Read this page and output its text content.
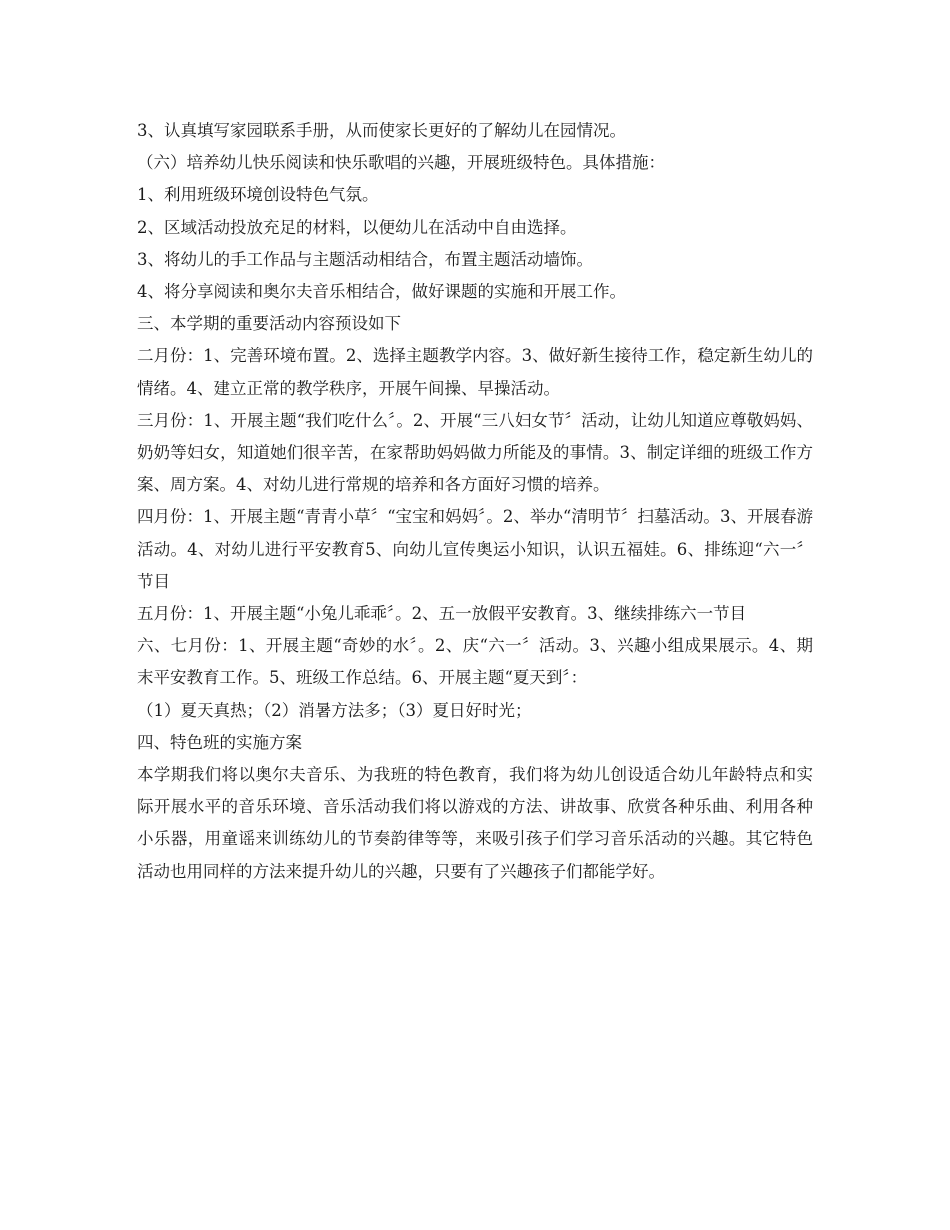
3、认真填写家园联系手册，从而使家长更好的了解幼儿在园情况。

（六）培养幼儿快乐阅读和快乐歌唱的兴趣，开展班级特色。具体措施：

1、利用班级环境创设特色气氛。

2、区域活动投放充足的材料，以便幼儿在活动中自由选择。

3、将幼儿的手工作品与主题活动相结合，布置主题活动墙饰。

4、将分享阅读和奥尔夫音乐相结合，做好课题的实施和开展工作。

三、本学期的重要活动内容预设如下

二月份：1、完善环境布置。2、选择主题教学内容。3、做好新生接待工作，稳定新生幼儿的情绪。4、建立正常的教学秩序，开展午间操、早操活动。

三月份：1、开展主题“我们吃什么〞。2、开展“三八妇女节〞活动，让幼儿知道应尊敬妈妈、奶奶等妇女，知道她们很辛苦，在家帮助妈妈做力所能及的事情。3、制定详细的班级工作方案、周方案。4、对幼儿进行常规的培养和各方面好习惯的培养。

四月份：1、开展主题“青青小草〞“宝宝和妈妈〞。2、举办“清明节〞扫墓活动。3、开展春游活动。4、对幼儿进行平安教育5、向幼儿宣传奥运小知识，认识五福娃。6、排练迎“六一〞节目

五月份：1、开展主题“小兔儿乖乖〞。2、五一放假平安教育。3、继续排练六一节目

六、七月份：1、开展主题“奇妙的水〞。2、庆“六一〞活动。3、兴趣小组成果展示。4、期末平安教育工作。5、班级工作总结。6、开展主题“夏天到〞：

（1）夏天真热；（2）消暑方法多；（3）夏日好时光；

四、特色班的实施方案

本学期我们将以奥尔夫音乐、为我班的特色教育，我们将为幼儿创设适合幼儿年龄特点和实际开展水平的音乐环境、音乐活动我们将以游戏的方法、讲故事、欣赏各种乐曲、利用各种小乐器，用童谣来训练幼儿的节奏韵律等等，来吸引孩子们学习音乐活动的兴趣。其它特色活动也用同样的方法来提升幼儿的兴趣，只要有了兴趣孩子们都能学好。
